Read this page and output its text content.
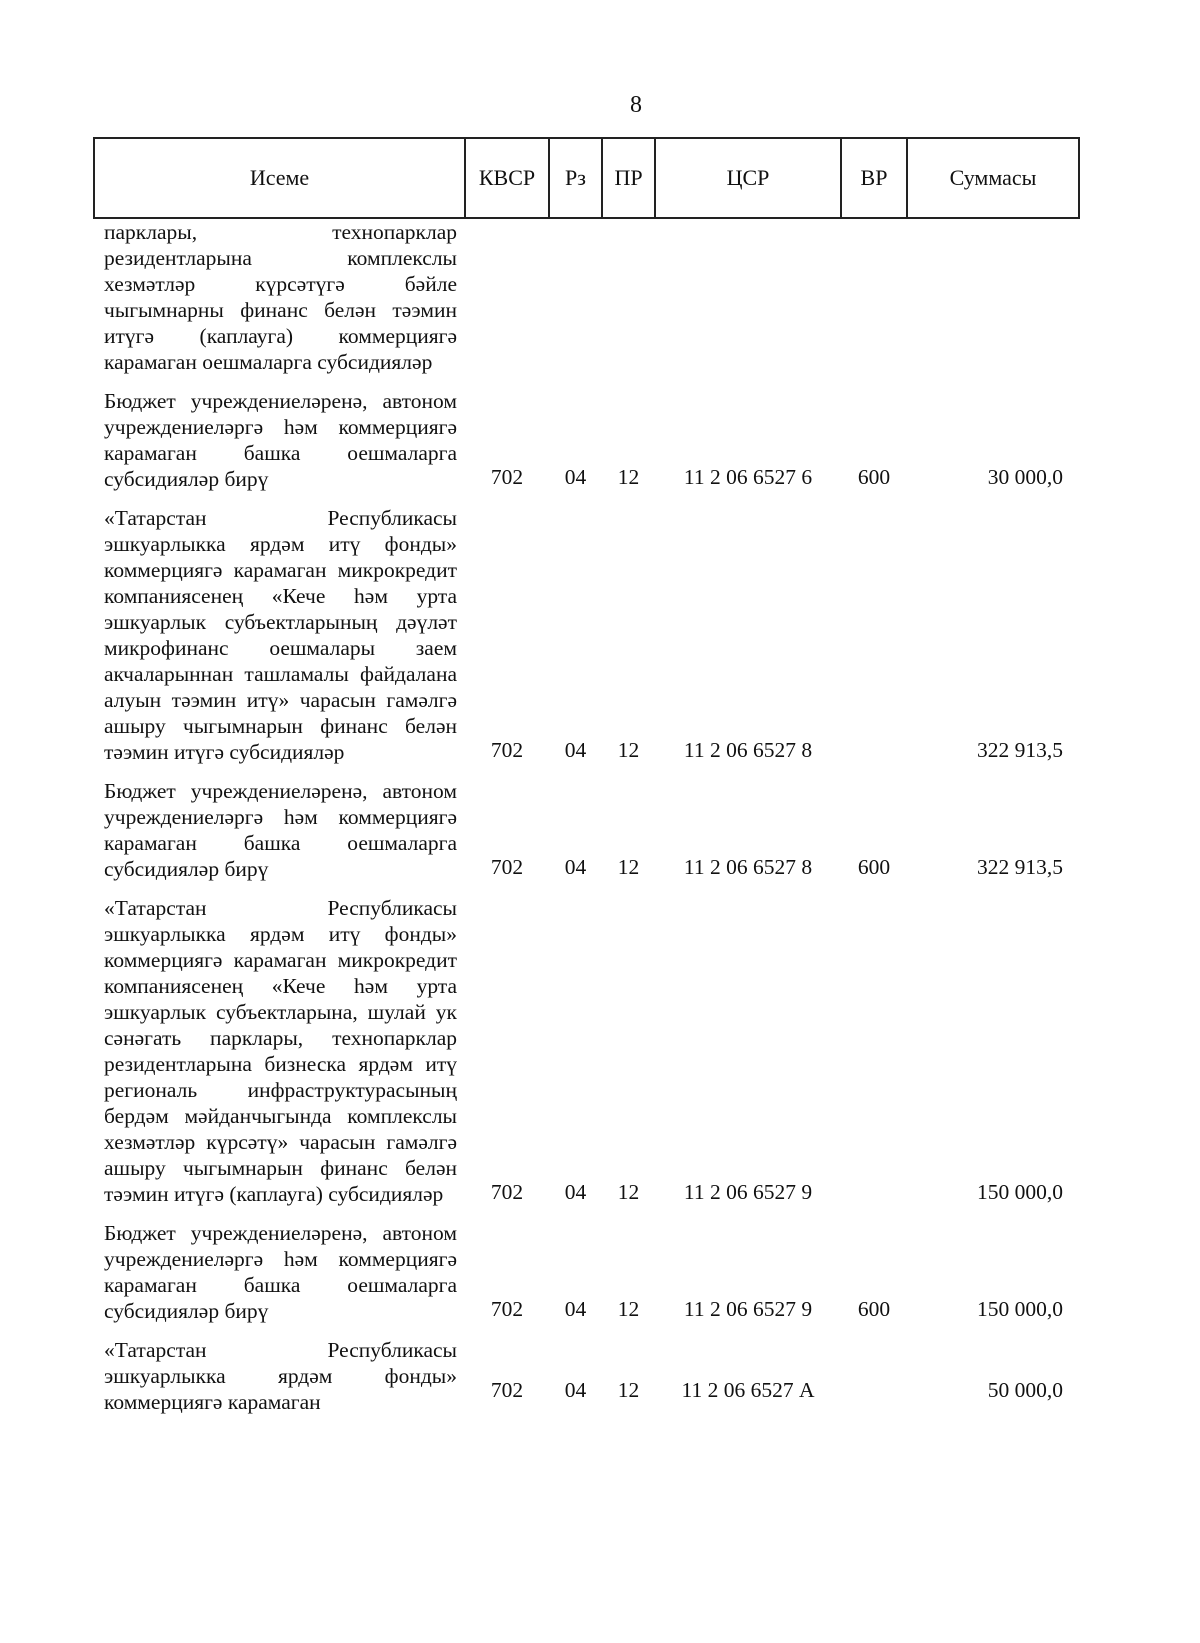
8
Исеме	КВСР	Рз	ПР	ЦСР	ВР	Суммасы
парклары, технопарклар резидентларына комплекслы хезмәтләр күрсәтүгә бәйле чыгымнарны финанс белән тәэмин итүгә (каплауга) коммерциягә карамаган оешмаларга субсидияләр						
Бюджет учреждениеләренә, автоном учреждениеләргә һәм коммерциягә карамаган башка оешмаларга субсидияләр бирү	702	04	12	11 2 06 6527 6	600	30 000,0
«Татарстан Республикасы эшкуарлыкка ярдәм итү фонды» коммерциягә карамаган микрокредит компаниясенең «Кече һәм урта эшкуарлык субъектларының дәүләт микрофинанс оешмалары заем акчаларыннан ташламалы файдалана алуын тәэмин итү» чарасын гамәлгә ашыру чыгымнарын финанс белән тәэмин итүгә субсидияләр	702	04	12	11 2 06 6527 8		322 913,5
Бюджет учреждениеләренә, автоном учреждениеләргә һәм коммерциягә карамаган башка оешмаларга субсидияләр бирү	702	04	12	11 2 06 6527 8	600	322 913,5
«Татарстан Республикасы эшкуарлыкка ярдәм итү фонды» коммерциягә карамаган микрокредит компаниясенең «Кече һәм урта эшкуарлык субъектларына, шулай ук сәнәгать парклары, технопарклар резидентларына бизнеска ярдәм итү региональ инфраструктурасының бердәм мәйданчыгында комплекслы хезмәтләр күрсәтү» чарасын гамәлгә ашыру чыгымнарын финанс белән тәэмин итүгә (каплауга) субсидияләр	702	04	12	11 2 06 6527 9		150 000,0
Бюджет учреждениеләренә, автоном учреждениеләргә һәм коммерциягә карамаган башка оешмаларга субсидияләр бирү	702	04	12	11 2 06 6527 9	600	150 000,0
«Татарстан Республикасы эшкуарлыкка ярдәм фонды» коммерциягә карамаган	702	04	12	11 2 06 6527 А		50 000,0
